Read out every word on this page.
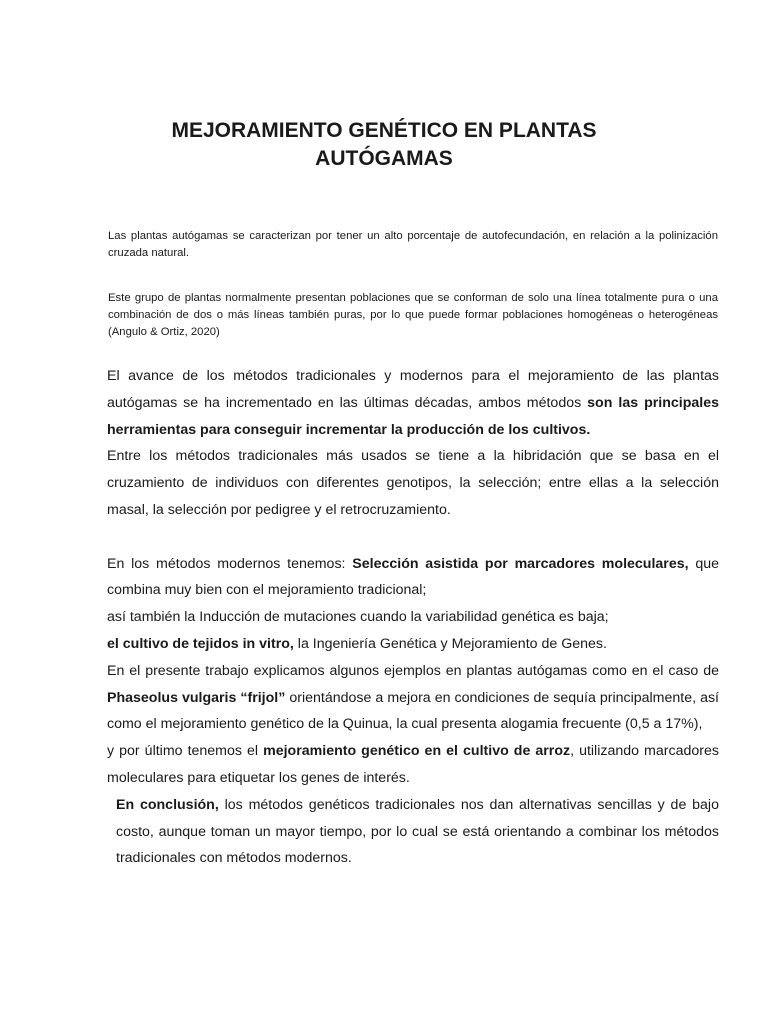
MEJORAMIENTO GENÉTICO EN PLANTAS
AUTÓGAMAS

Las plantas autógamas se caracterizan por tener un alto porcentaje de autofecundación, en relación a la polinización cruzada natural.

Este grupo de plantas normalmente presentan poblaciones que se conforman de solo una línea totalmente pura o una combinación de dos o más líneas también puras, por lo que puede formar poblaciones homogéneas o heterogéneas (Angulo & Ortiz, 2020)

El avance de los métodos tradicionales y modernos para el mejoramiento de las plantas autógamas se ha incrementado en las últimas décadas, ambos métodos son las principales herramientas para conseguir incrementar la producción de los cultivos.

Entre los métodos tradicionales más usados se tiene a la hibridación que se basa en el cruzamiento de individuos con diferentes genotipos, la selección; entre ellas a la selección masal, la selección por pedigree y el retrocruzamiento.

En los métodos modernos tenemos: Selección asistida por marcadores moleculares, que combina muy bien con el mejoramiento tradicional;

así también la Inducción de mutaciones cuando la variabilidad genética es baja;

el cultivo de tejidos in vitro, la Ingeniería Genética y Mejoramiento de Genes.

En el presente trabajo explicamos algunos ejemplos en plantas autógamas como en el caso de Phaseolus vulgaris “frijol” orientándose a mejora en condiciones de sequía principalmente, así como el mejoramiento genético de la Quinua, la cual presenta alogamia frecuente (0,5 a 17%),

y por último tenemos el mejoramiento genético en el cultivo de arroz, utilizando marcadores moleculares para etiquetar los genes de interés.

En conclusión, los métodos genéticos tradicionales nos dan alternativas sencillas y de bajo costo, aunque toman un mayor tiempo, por lo cual se está orientando a combinar los métodos tradicionales con métodos modernos.
